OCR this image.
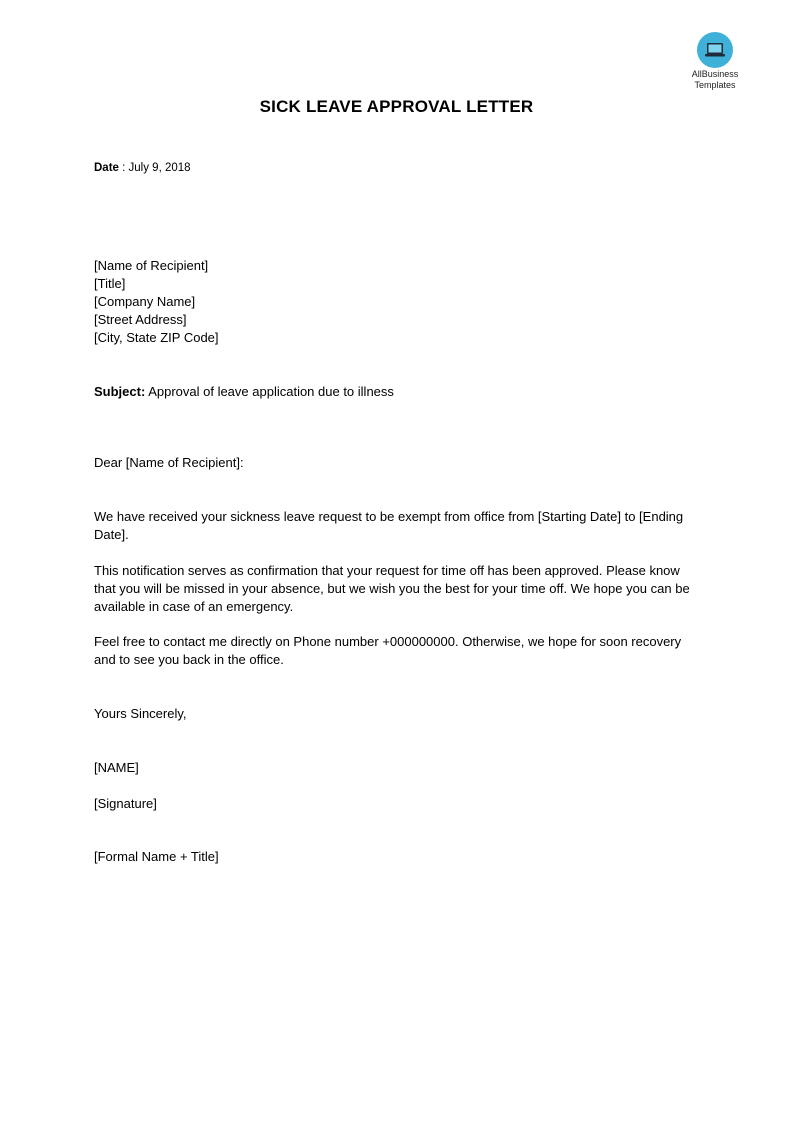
AllBusiness
Templates
SICK LEAVE APPROVAL LETTER
Date : July 9, 2018
[Name of Recipient]
[Title]
[Company Name]
[Street Address]
[City, State ZIP Code]
Subject: Approval of leave application due to illness
Dear [Name of Recipient]:
We have received your sickness leave request to be exempt from office from [Starting Date] to [Ending Date].
This notification serves as confirmation that your request for time off has been approved. Please know that you will be missed in your absence, but we wish you the best for your time off. We hope you can be available in case of an emergency.
Feel free to contact me directly on Phone number +000000000. Otherwise, we hope for soon recovery and to see you back in the office.
Yours Sincerely,
[NAME]
[Signature]
[Formal Name + Title]
